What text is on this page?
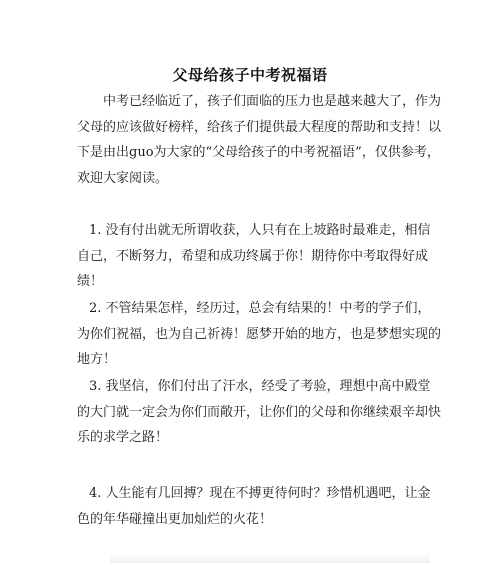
父母给孩子中考祝福语
中考已经临近了，孩子们面临的压力也是越来越大了，作为父母的应该做好榜样，给孩子们提供最大程度的帮助和支持！以下是由出guo为大家的“父母给孩子的中考祝福语”，仅供参考，欢迎大家阅读。
1. 没有付出就无所谓收获，人只有在上坡路时最难走，相信自己，不断努力，希望和成功终属于你！期待你中考取得好成绩！
2. 不管结果怎样，经历过，总会有结果的！中考的学子们，为你们祝福，也为自己祈祷！愿梦开始的地方，也是梦想实现的地方！
3. 我坚信，你们付出了汗水，经受了考验，理想中高中殿堂的大门就一定会为你们而敞开，让你们的父母和你继续艰辛却快乐的求学之路！
4. 人生能有几回搏？现在不搏更待何时？珍惜机遇吧，让金色的年华碰撞出更加灿烂的火花！
